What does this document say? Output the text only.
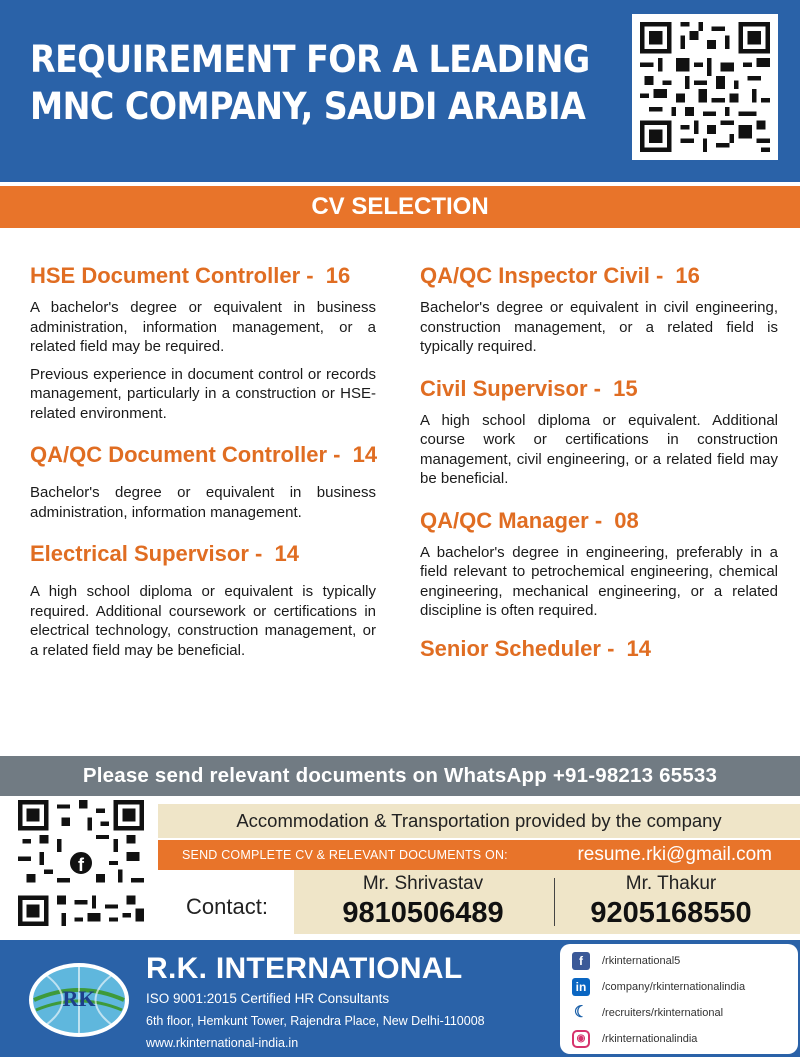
REQUIREMENT FOR A LEADING
MNC COMPANY, SAUDI ARABIA
CV SELECTION
HSE Document Controller - 16

A bachelor's degree or equivalent in business administration, information management, or a related field may be required.

Previous experience in document control or records management, particularly in a construction or HSE-related environment.

QA/QC Document Controller - 14

Bachelor's degree or equivalent in business administration, information management.

Electrical Supervisor - 14

A high school diploma or equivalent is typically required. Additional coursework or certifications in electrical technology, construction management, or a related field may be beneficial.

QA/QC Inspector Civil - 16

Bachelor's degree or equivalent in civil engineering, construction management, or a related field is typically required.

Civil Supervisor - 15

A high school diploma or equivalent. Additional course work or certifications in construction management, civil engineering, or a related field may be beneficial.

QA/QC Manager - 08

A bachelor's degree in engineering, preferably in a field relevant to petrochemical engineering, chemical engineering, mechanical engineering, or a related discipline is often required.

Senior Scheduler - 14
Please send relevant documents on WhatsApp +91-98213 65533
f
Accommodation & Transportation provided by the company
SEND COMPLETE CV & RELEVANT DOCUMENTS ON:	resume.rki@gmail.com
Contact:
Mr. Shrivastav
9810506489
Mr. Thakur
9205168550
RK
R.K. INTERNATIONAL
ISO 9001:2015 Certified HR Consultants
6th floor, Hemkunt Tower, Rajendra Place, New Delhi-110008
www.rkinternational-india.in
f	/rkinternational5
in	/company/rkinternationalindia
☾ /recruiters/rkinternational
◉	/rkinternationalindia
